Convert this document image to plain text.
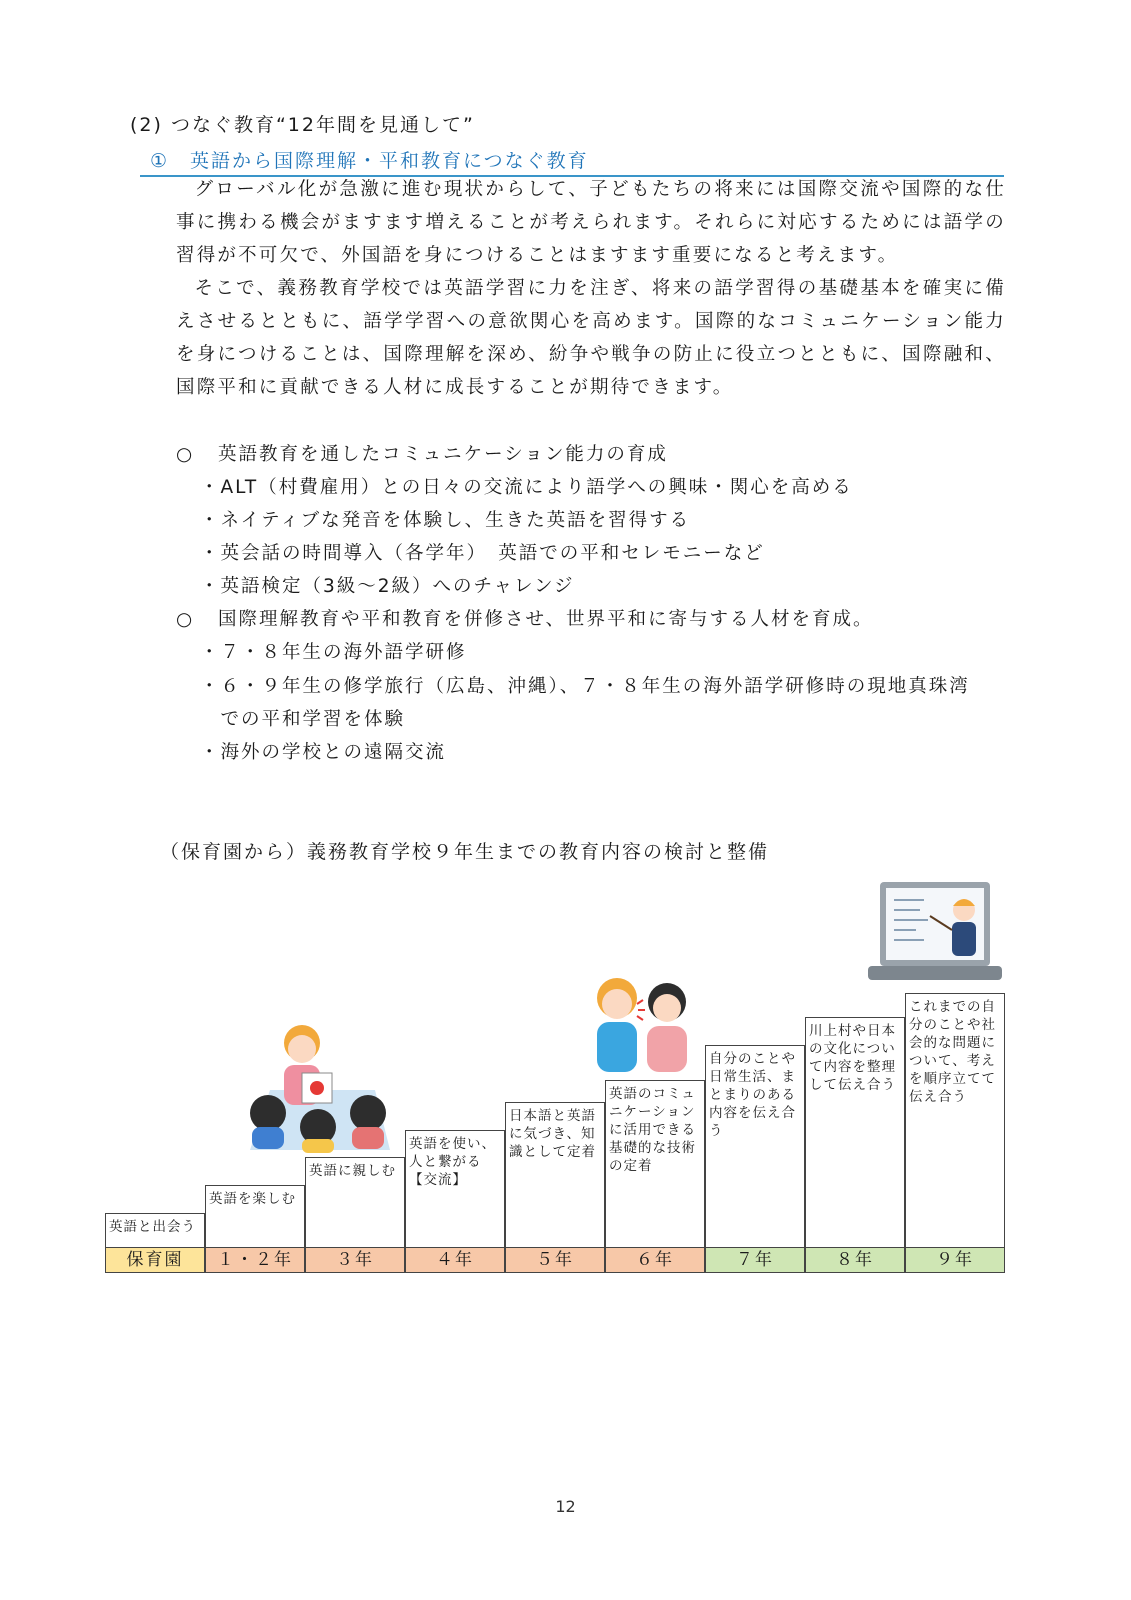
(2) つなぐ教育“12年間を見通して”
①　英語から国際理解・平和教育につなぐ教育

グローバル化が急激に進む現状からして、子どもたちの将来には国際交流や国際的な仕事に携わる機会がますます増えることが考えられます。それらに対応するためには語学の習得が不可欠で、外国語を身につけることはますます重要になると考えます。

そこで、義務教育学校では英語学習に力を注ぎ、将来の語学習得の基礎基本を確実に備えさせるとともに、語学学習への意欲関心を高めます。国際的なコミュニケーション能力を身につけることは、国際理解を深め、紛争や戦争の防止に役立つとともに、国際融和、国際平和に貢献できる人材に成長することが期待できます。

○ 英語教育を通したコミュニケーション能力の育成
・ALT（村費雇用）との日々の交流により語学への興味・関心を高める
・ネイティブな発音を体験し、生きた英語を習得する
・英会話の時間導入（各学年）　英語での平和セレモニーなど
・英語検定（3級〜2級）へのチャレンジ
○ 国際理解教育や平和教育を併修させ、世界平和に寄与する人材を育成。
・７・８年生の海外語学研修
・６・９年生の修学旅行（広島、沖縄）、７・８年生の海外語学研修時の現地真珠湾
　での平和学習を体験
・海外の学校との遠隔交流
（保育園から）義務教育学校９年生までの教育内容の検討と整備
英語と出会う
保育園
英語を楽しむ
１・２年
英語に親しむ
３年
英語を使い、人と繋がる【交流】
４年
日本語と英語に気づき、知識として定着
５年
英語のコミュニケーションに活用できる基礎的な技術の定着
６年
自分のことや日常生活、まとまりのある内容を伝え合う
７年
川上村や日本の文化について内容を整理して伝え合う
８年
これまでの自分のことや社会的な問題について、考えを順序立てて伝え合う
９年
12
